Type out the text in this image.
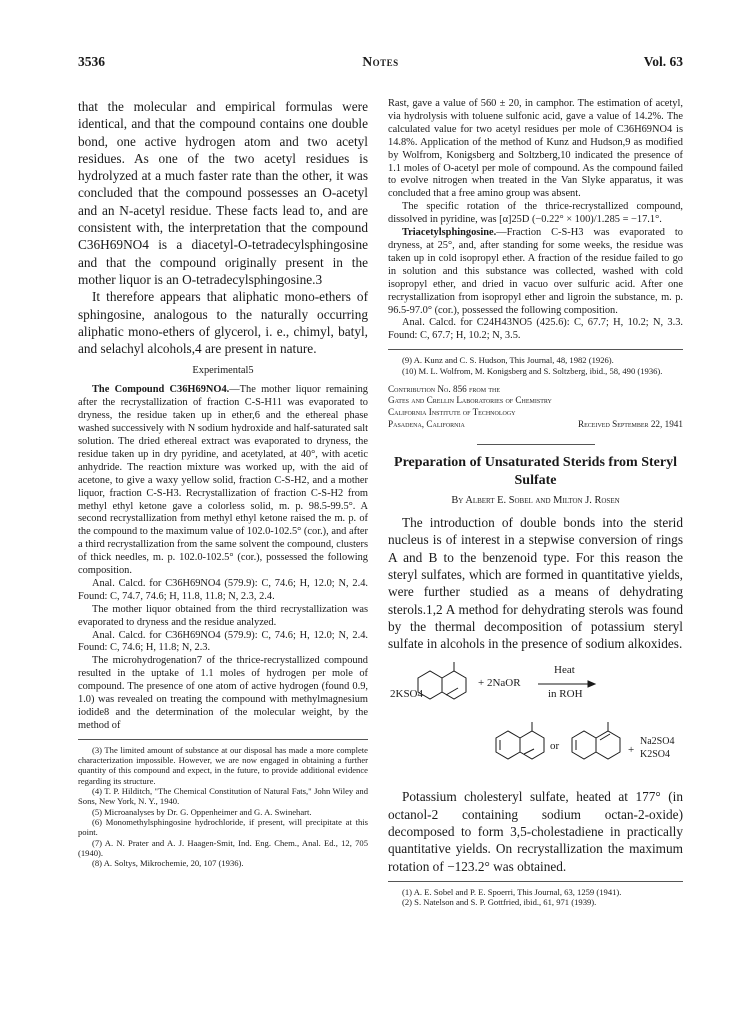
3536	Notes	Vol. 63

that the molecular and empirical formulas were identical, and that the compound contains one double bond, one active hydrogen atom and two acetyl residues. As one of the two acetyl residues is hydrolyzed at a much faster rate than the other, it was concluded that the compound possesses an O-acetyl and an N-acetyl residue. These facts lead to, and are consistent with, the interpretation that the compound C36H69NO4 is a diacetyl-O-tetradecylsphingosine and that the compound originally present in the mother liquor is an O-tetradecylsphingosine.3

It therefore appears that aliphatic mono-ethers of sphingosine, analogous to the naturally occurring aliphatic mono-ethers of glycerol, i. e., chimyl, batyl, and selachyl alcohols,4 are present in nature.

Experimental5

The Compound C36H69NO4.—The mother liquor remaining after the recrystallization of fraction C-S-H11 was evaporated to dryness, the residue taken up in ether,6 and the ethereal phase washed successively with N sodium hydroxide and half-saturated salt solution. The dried ethereal extract was evaporated to dryness, the residue taken up in dry pyridine, and acetylated, at 40°, with acetic anhydride. The reaction mixture was worked up, with the aid of acetone, to give a waxy yellow solid, fraction C-S-H2, and a mother liquor, fraction C-S-H3. Recrystallization of fraction C-S-H2 from methyl ethyl ketone gave a colorless solid, m. p. 98.5-99.5°. A second recrystallization from methyl ethyl ketone raised the m. p. of the compound to the maximum value of 102.0-102.5° (cor.), and after a third recrystallization from the same solvent the compound, clusters of thick needles, m. p. 102.0-102.5° (cor.), possessed the following composition.

Anal. Calcd. for C36H69NO4 (579.9): C, 74.6; H, 12.0; N, 2.4. Found: C, 74.7, 74.6; H, 11.8, 11.8; N, 2.3, 2.4.

The mother liquor obtained from the third recrystallization was evaporated to dryness and the residue analyzed.

Anal. Calcd. for C36H69NO4 (579.9): C, 74.6; H, 12.0; N, 2.4. Found: C, 74.6; H, 11.8; N, 2.3.

The microhydrogenation7 of the thrice-recrystallized compound resulted in the uptake of 1.1 moles of hydrogen per mole of compound. The presence of one atom of active hydrogen (found 0.9, 1.0) was revealed on treating the compound with methylmagnesium iodide8 and the determination of the molecular weight, by the method of

(3) The limited amount of substance at our disposal has made a more complete characterization impossible. However, we are now engaged in obtaining a further quantity of this compound and expect, in the future, to provide additional evidence regarding its structure.

(4) T. P. Hilditch, "The Chemical Constitution of Natural Fats," John Wiley and Sons, New York, N. Y., 1940.

(5) Microanalyses by Dr. G. Oppenheimer and G. A. Swinehart.

(6) Monomethylsphingosine hydrochloride, if present, will precipitate at this point.

(7) A. N. Prater and A. J. Haagen-Smit, Ind. Eng. Chem., Anal. Ed., 12, 705 (1940).

(8) A. Soltys, Mikrochemie, 20, 107 (1936).

Rast, gave a value of 560 ± 20, in camphor. The estimation of acetyl, via hydrolysis with toluene sulfonic acid, gave a value of 14.2%. The calculated value for two acetyl residues per mole of C36H69NO4 is 14.8%. Application of the method of Kunz and Hudson,9 as modified by Wolfrom, Konigsberg and Soltzberg,10 indicated the presence of 1.1 moles of O-acetyl per mole of compound. As the compound failed to evolve nitrogen when treated in the Van Slyke apparatus, it was concluded that a free amino group was absent.

The specific rotation of the thrice-recrystallized compound, dissolved in pyridine, was [α]25D (−0.22° × 100)/1.285 = −17.1°.

Triacetylsphingosine.—Fraction C-S-H3 was evaporated to dryness, at 25°, and, after standing for some weeks, the residue was taken up in cold isopropyl ether. A fraction of the residue failed to go in solution and this substance was collected, washed with cold isopropyl ether, and dried in vacuo over sulfuric acid. After one recrystallization from isopropyl ether and ligroin the substance, m. p. 96.5-97.0° (cor.), possessed the following composition.

Anal. Calcd. for C24H43NO5 (425.6): C, 67.7; H, 10.2; N, 3.3. Found: C, 67.7; H, 10.2; N, 3.5.

(9) A. Kunz and C. S. Hudson, This Journal, 48, 1982 (1926).

(10) M. L. Wolfrom, M. Konigsberg and S. Soltzberg, ibid., 58, 490 (1936).

Contribution No. 856 from the
Gates and Crellin Laboratories of Chemistry
California Institute of Technology
Pasadena, California	Received September 22, 1941

Preparation of Unsaturated Sterids from Steryl Sulfate

By Albert E. Sobel and Milton J. Rosen

The introduction of double bonds into the sterid nucleus is of interest in a stepwise conversion of rings A and B to the benzenoid type. For this reason the steryl sulfates, which are formed in quantitative yields, were further studied as a means of dehydrating sterols.1,2 A method for dehydrating sterols was found by the thermal decomposition of potassium steryl sulfate in alcohols in the presence of sodium alkoxides.

2KSO4
+ 2NaOR
Heat
in ROH
or	+
Na2SO4
K2SO4

Potassium cholesteryl sulfate, heated at 177° (in octanol-2 containing sodium octan-2-oxide) decomposed to form 3,5-cholestadiene in practically quantitative yields. On recrystallization the maximum rotation of −123.2° was obtained.

(1) A. E. Sobel and P. E. Spoerri, This Journal, 63, 1259 (1941).

(2) S. Natelson and S. P. Gottfried, ibid., 61, 971 (1939).
